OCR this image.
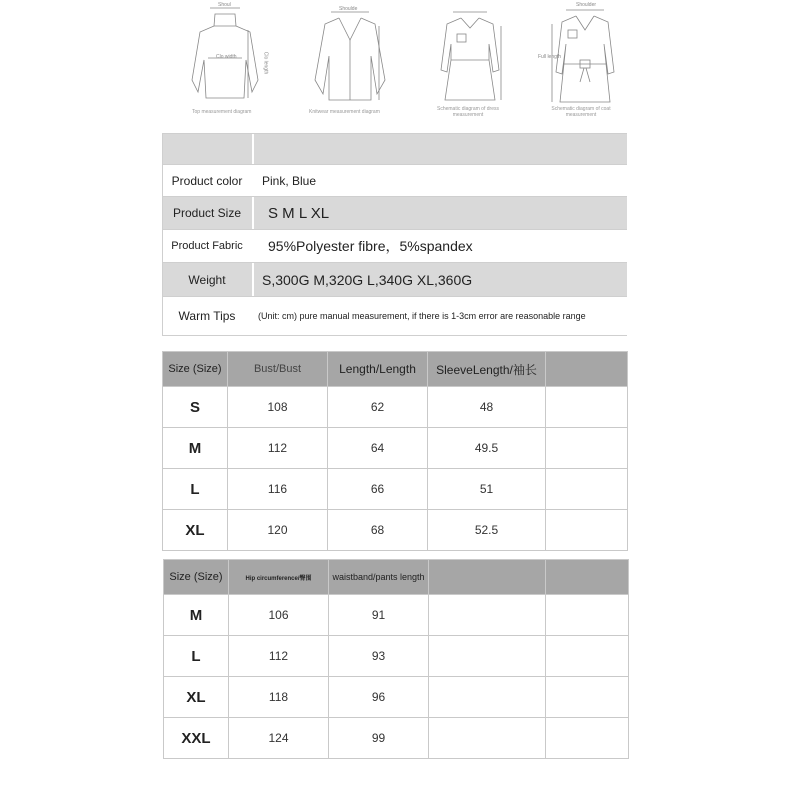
Shoul
Clo width	Clo length
Top measurement diagram
Shoulde
Knitwear measurement diagram	Schematic diagram of dress measurement
Shoulder
Full length
Schematic diagram of coat measurement
Product color	Pink, Blue
Product Size	S M L XL
Product Fabric	95%Polyester fibre，5%spandex
Weight	S,300G M,320G L,340G XL,360G
Warm Tips	(Unit: cm) pure manual measurement, if there is 1-3cm error are reasonable range
Size (Size)	Bust/Bust	Length/Length	SleeveLength/袖长	
S	108	62	48	
M	112	64	49.5	
L	116	66	51	
XL	120	68	52.5	
Size (Size)	Hip circumference/臀围	waistband/pants length		
M	106	91		
L	112	93		
XL	118	96		
XXL	124	99		
